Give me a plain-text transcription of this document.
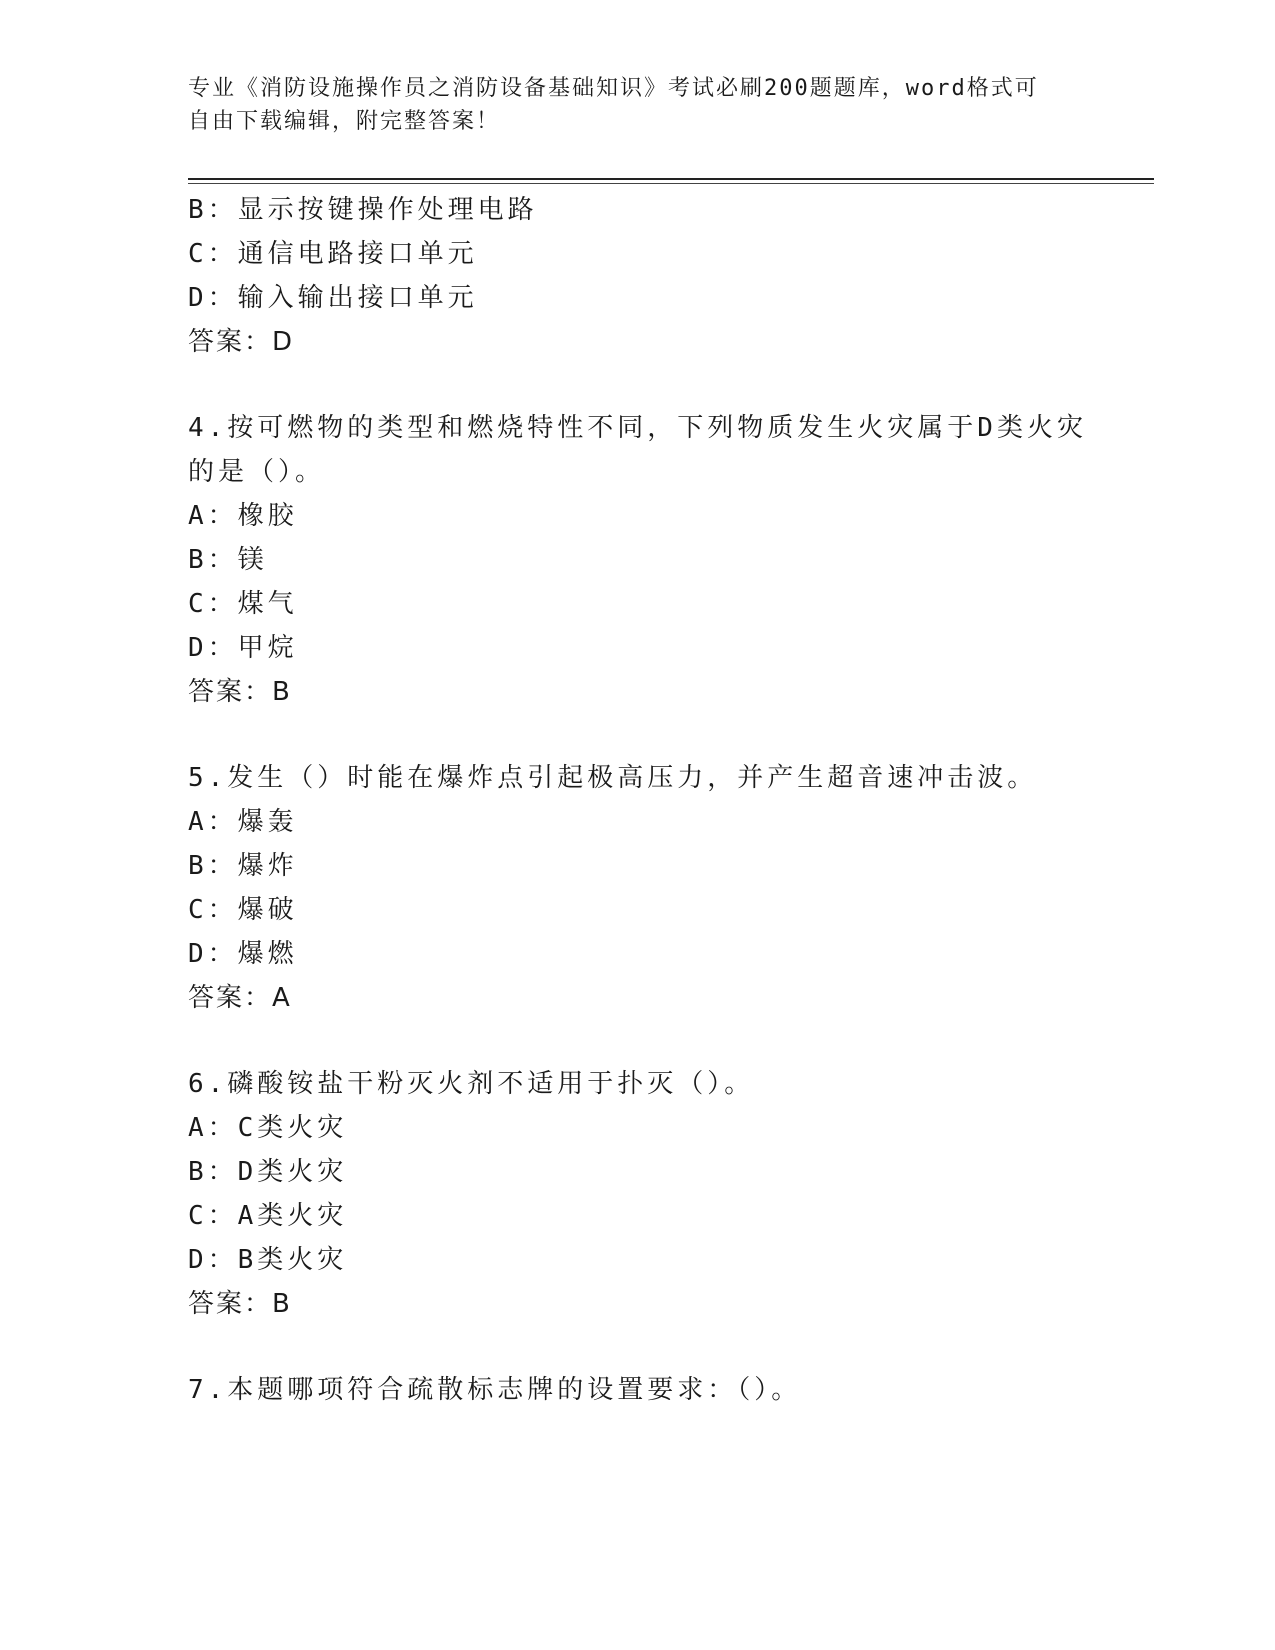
专业《消防设施操作员之消防设备基础知识》考试必刷200题题库，word格式可
自由下载编辑，附完整答案！
B：显示按键操作处理电路
C：通信电路接口单元
D：输入输出接口单元
答案：D
4.按可燃物的类型和燃烧特性不同，下列物质发生火灾属于D类火灾
的是（）。
A：橡胶
B：镁
C：煤气
D：甲烷
答案：B
5.发生（）时能在爆炸点引起极高压力，并产生超音速冲击波。
A：爆轰
B：爆炸
C：爆破
D：爆燃
答案：A
6.磷酸铵盐干粉灭火剂不适用于扑灭（）。
A：C类火灾
B：D类火灾
C：A类火灾
D：B类火灾
答案：B
7.本题哪项符合疏散标志牌的设置要求：（）。
